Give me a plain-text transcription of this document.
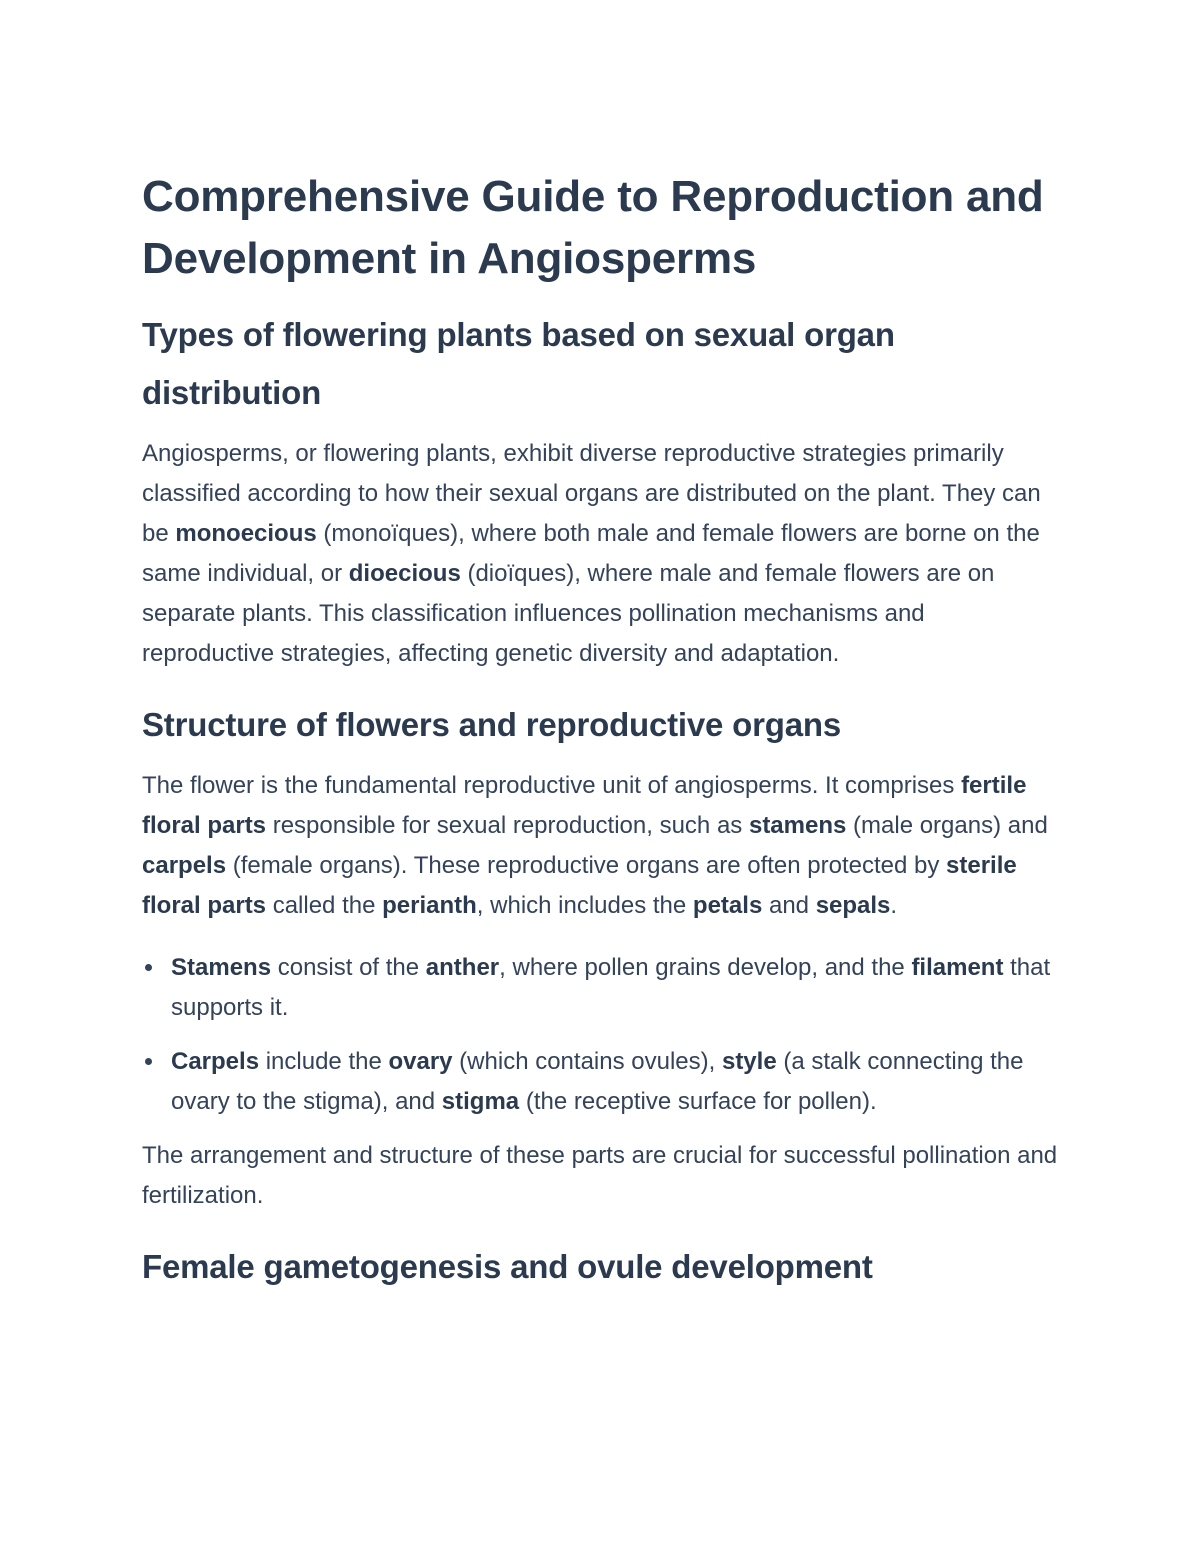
Comprehensive Guide to Reproduction and Development in Angiosperms
Types of flowering plants based on sexual organ distribution

Angiosperms, or flowering plants, exhibit diverse reproductive strategies primarily classified according to how their sexual organs are distributed on the plant. They can be monoecious (monoïques), where both male and female flowers are borne on the same individual, or dioecious (dioïques), where male and female flowers are on separate plants. This classification influences pollination mechanisms and reproductive strategies, affecting genetic diversity and adaptation.

Structure of flowers and reproductive organs

The flower is the fundamental reproductive unit of angiosperms. It comprises fertile floral parts responsible for sexual reproduction, such as stamens (male organs) and carpels (female organs). These reproductive organs are often protected by sterile floral parts called the perianth, which includes the petals and sepals.

Stamens consist of the anther, where pollen grains develop, and the filament that supports it.
Carpels include the ovary (which contains ovules), style (a stalk connecting the ovary to the stigma), and stigma (the receptive surface for pollen).

The arrangement and structure of these parts are crucial for successful pollination and fertilization.

Female gametogenesis and ovule development
